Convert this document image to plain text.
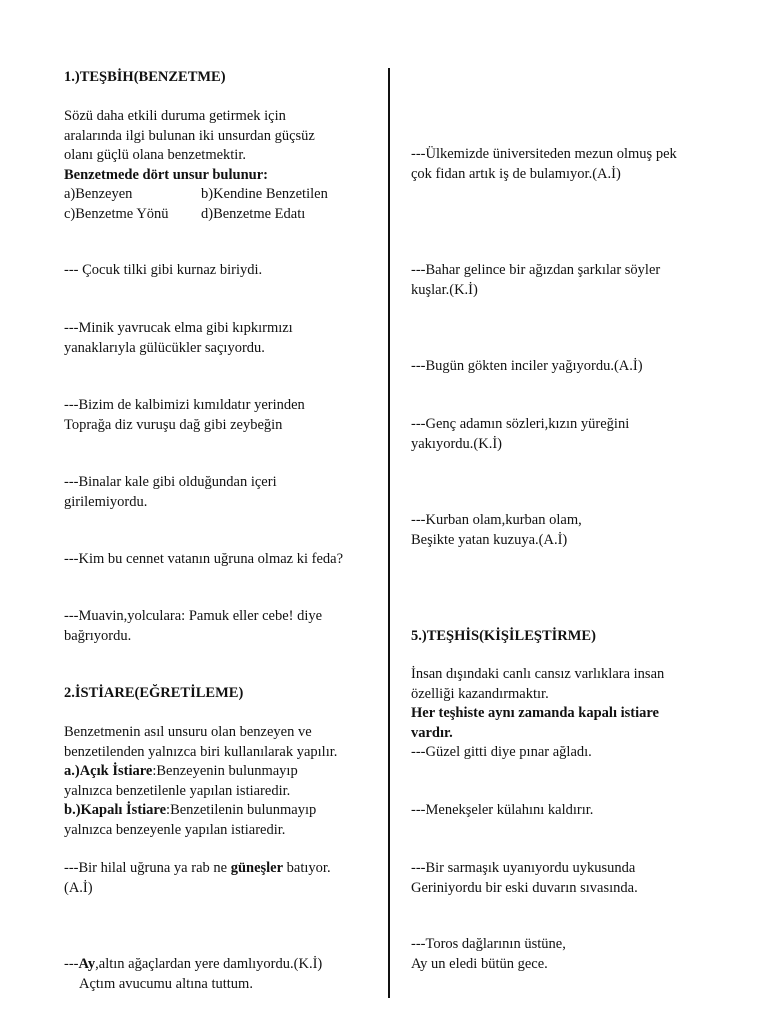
1.)TEŞBİH(BENZETME)

Sözü daha etkili duruma getirmek için

aralarında ilgi bulunan iki unsurdan güçsüz

olanı güçlü olana benzetmektir.

Benzetmede dört unsur bulunur:

a)Benzeyen	b)Kendine Benzetilen
c)Benzetme Yönü	d)Benzetme Edatı

--- Çocuk tilki gibi kurnaz biriydi.

---Minik yavrucak elma gibi kıpkırmızı

yanaklarıyla gülücükler saçıyordu.

---Bizim de kalbimizi kımıldatır yerinden

Toprağa diz vuruşu dağ gibi zeybeğin

---Binalar kale gibi olduğundan içeri

girilemiyordu.

---Kim bu cennet vatanın uğruna olmaz ki feda?

---Muavin,yolculara: Pamuk eller cebe! diye

bağrıyordu.

2.İSTİARE(EĞRETİLEME)

Benzetmenin asıl unsuru olan benzeyen ve

benzetilenden yalnızca biri kullanılarak yapılır.

a.)Açık İstiare:Benzeyenin bulunmayıp

yalnızca benzetilenle yapılan istiaredir.

b.)Kapalı İstiare:Benzetilenin bulunmayıp

yalnızca benzeyenle yapılan istiaredir.

---Bir hilal uğruna ya rab ne güneşler batıyor.

(A.İ)

---Ay,altın ağaçlardan yere damlıyordu.(K.İ)

Açtım avucumu altına tuttum.

---Ülkemizde üniversiteden mezun olmuş pek

çok fidan artık iş de bulamıyor.(A.İ)

---Bahar gelince bir ağızdan şarkılar söyler

kuşlar.(K.İ)

---Bugün gökten inciler yağıyordu.(A.İ)

---Genç adamın sözleri,kızın yüreğini

yakıyordu.(K.İ)

---Kurban olam,kurban olam,

Beşikte yatan kuzuya.(A.İ)

5.)TEŞHİS(KİŞİLEŞTİRME)

İnsan dışındaki canlı cansız varlıklara insan

özelliği kazandırmaktır.

Her teşhiste aynı zamanda kapalı istiare

vardır.

---Güzel gitti diye pınar ağladı.

---Menekşeler külahını kaldırır.

---Bir sarmaşık uyanıyordu uykusunda

Geriniyordu bir eski duvarın sıvasında.

---Toros dağlarının üstüne,

Ay un eledi bütün gece.
